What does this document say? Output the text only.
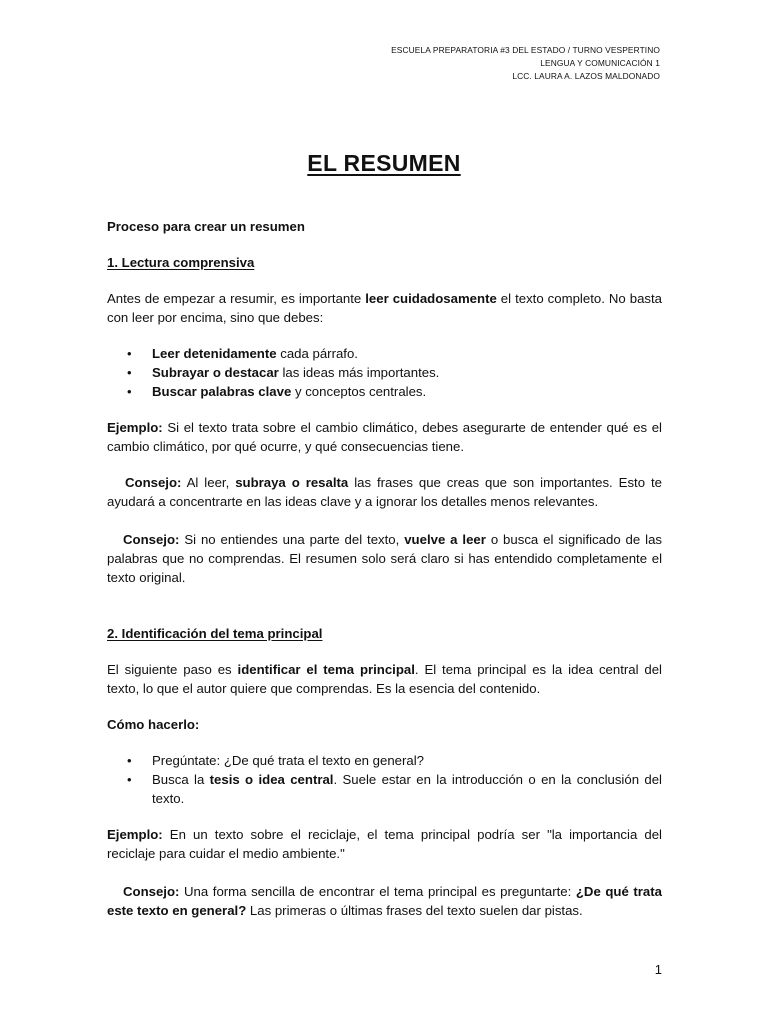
ESCUELA PREPARATORIA #3 DEL ESTADO / TURNO VESPERTINO
LENGUA Y COMUNICACIÓN 1
LCC. LAURA A. LAZOS MALDONADO
EL RESUMEN

Proceso para crear un resumen

1. Lectura comprensiva

Antes de empezar a resumir, es importante leer cuidadosamente el texto completo. No basta con leer por encima, sino que debes:

• Leer detenidamente cada párrafo.
• Subrayar o destacar las ideas más importantes.
• Buscar palabras clave y conceptos centrales.

Ejemplo: Si el texto trata sobre el cambio climático, debes asegurarte de entender qué es el cambio climático, por qué ocurre, y qué consecuencias tiene.

Consejo: Al leer, subraya o resalta las frases que creas que son importantes. Esto te ayudará a concentrarte en las ideas clave y a ignorar los detalles menos relevantes.

Consejo: Si no entiendes una parte del texto, vuelve a leer o busca el significado de las palabras que no comprendas. El resumen solo será claro si has entendido completamente el texto original.

2. Identificación del tema principal

El siguiente paso es identificar el tema principal. El tema principal es la idea central del texto, lo que el autor quiere que comprendas. Es la esencia del contenido.

Cómo hacerlo:

• Pregúntate: ¿De qué trata el texto en general?
• Busca la tesis o idea central. Suele estar en la introducción o en la conclusión del texto.

Ejemplo: En un texto sobre el reciclaje, el tema principal podría ser "la importancia del reciclaje para cuidar el medio ambiente."

Consejo: Una forma sencilla de encontrar el tema principal es preguntarte: ¿De qué trata este texto en general? Las primeras o últimas frases del texto suelen dar pistas.

1
